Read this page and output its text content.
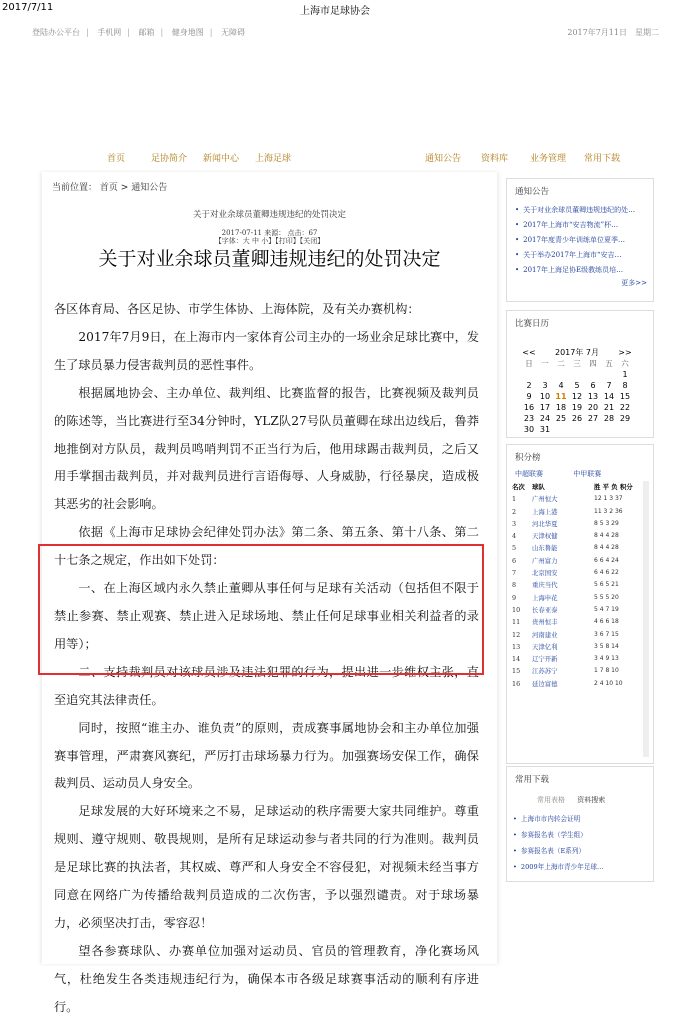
2017/7/11	上海市足球协会
登陆办公平台 | 手机网 | 邮箱 | 健身地图 | 无障碍	2017年7月11日　星期二
首页	足协简介 新闻中心 上海足球	通知公告 资料库 业务管理 常用下载
当前位置： 首页 > 通知公告
关于对业余球员董卿违规违纪的处罚决定
2017-07-11 来源： 点击：67
【字体：大 中 小】【打印】【关闭】
关于对业余球员董卿违规违纪的处罚决定

各区体育局、各区足协、市学生体协、上海体院，及有关办赛机构：

2017年7月9日，在上海市内一家体育公司主办的一场业余足球比赛中，发生了球员暴力侵害裁判员的恶性事件。

根据属地协会、主办单位、裁判组、比赛监督的报告，比赛视频及裁判员的陈述等，当比赛进行至34分钟时，YLZ队27号队员董卿在球出边线后，鲁莽地推倒对方队员，裁判员鸣哨判罚不正当行为后，他用球踢击裁判员，之后又用手掌掴击裁判员，并对裁判员进行言语侮辱、人身威胁，行径暴戾，造成极其恶劣的社会影响。

依据《上海市足球协会纪律处罚办法》第二条、第五条、第十八条、第二十七条之规定，作出如下处罚：

一、在上海区域内永久禁止董卿从事任何与足球有关活动（包括但不限于禁止参赛、禁止观赛、禁止进入足球场地、禁止任何足球事业相关利益者的录用等）；

二、支持裁判员对该球员涉及违法犯罪的行为，提出进一步维权主张，直至追究其法律责任。

同时，按照“谁主办、谁负责”的原则，责成赛事属地协会和主办单位加强赛事管理，严肃赛风赛纪，严厉打击球场暴力行为。加强赛场安保工作，确保裁判员、运动员人身安全。

足球发展的大好环境来之不易，足球运动的秩序需要大家共同维护。尊重规则、遵守规则、敬畏规则，是所有足球运动参与者共同的行为准则。裁判员是足球比赛的执法者，其权威、尊严和人身安全不容侵犯，对视频未经当事方同意在网络广为传播给裁判员造成的二次伤害，予以强烈谴责。对于球场暴力，必须坚决打击，零容忍！

望各参赛球队、办赛单位加强对运动员、官员的管理教育，净化赛场风气，杜绝发生各类违规违纪行为，确保本市各级足球赛事活动的顺利有序进行。

通知公告
• 关于对业余球员董卿违规违纪的处…
• 2017年上海市“安吉物流”杯…
• 2017年度青少年训练单位夏季…
• 关于举办2017年上海市“安吉…
• 2017年上海足协E级教练员培…
更多>>
比赛日历
<<	2017年 7月					>>
日	一	二	三	四	五	六
						1
2	3	4	5	6	7	8
9	10	11	12	13	14	15
16	17	18	19	20	21	22
23	24	25	26	27	28	29
30	31					
积分榜
中超联赛	中甲联赛
名次	球队	胜 平 负 积分
1	广州恒大	12 1 3 37
2	上海上港	11 3 2 36
3	河北华夏	8 5 3 29
4	天津权健	8 4 4 28
5	山东鲁能	8 4 4 28
6	广州富力	6 6 4 24
7	北京国安	6 4 6 22
8	重庆当代	5 6 5 21
9	上海申花	5 5 5 20
10	长春亚泰	5 4 7 19
11	贵州恒丰	4 6 6 18
12	河南建业	3 6 7 15
13	天津亿利	3 5 8 14
14	辽宁开新	3 4 9 13
15	江苏苏宁	1 7 8 10
16	延边富德	2 4 10 10
常用下载
常用表格 资料搜索
• 上海市市内转会证明
• 参赛报名表（学生组）
• 参赛报名表（E系列）
• 2009年上海市青少年足球…
